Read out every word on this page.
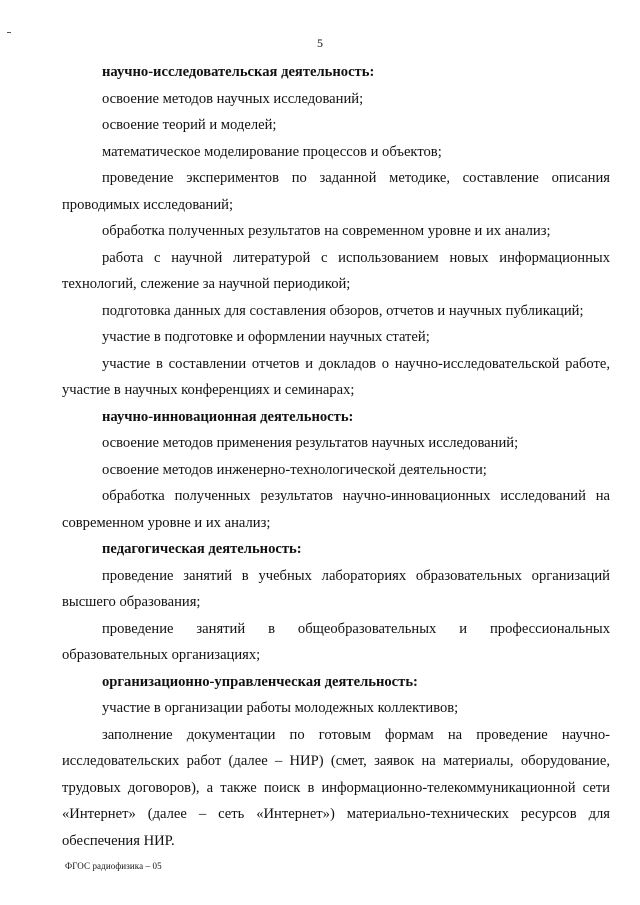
5

научно-исследовательская деятельность:

освоение методов научных исследований;

освоение теорий и моделей;

математическое моделирование процессов и объектов;

проведение экспериментов по заданной методике, составление описания проводимых исследований;

обработка полученных результатов на современном уровне и их анализ;

работа с научной литературой с использованием новых информационных технологий, слежение за научной периодикой;

подготовка данных для составления обзоров, отчетов и научных публикаций;

участие в подготовке и оформлении научных статей;

участие в составлении отчетов и докладов о научно-исследовательской работе, участие в научных конференциях и семинарах;

научно-инновационная деятельность:

освоение методов применения результатов научных исследований;

освоение методов инженерно-технологической деятельности;

обработка полученных результатов научно-инновационных исследований на современном уровне и их анализ;

педагогическая деятельность:

проведение занятий в учебных лабораториях образовательных организаций высшего образования;

проведение занятий в общеобразовательных и профессиональных образовательных организациях;

организационно-управленческая деятельность:

участие в организации работы молодежных коллективов;

заполнение документации по готовым формам на проведение научно-исследовательских работ (далее – НИР) (смет, заявок на материалы, оборудование, трудовых договоров), а также поиск в информационно-телекоммуникационной сети «Интернет» (далее – сеть «Интернет») материально-технических ресурсов для обеспечения НИР.

ФГОС радиофизика – 05
